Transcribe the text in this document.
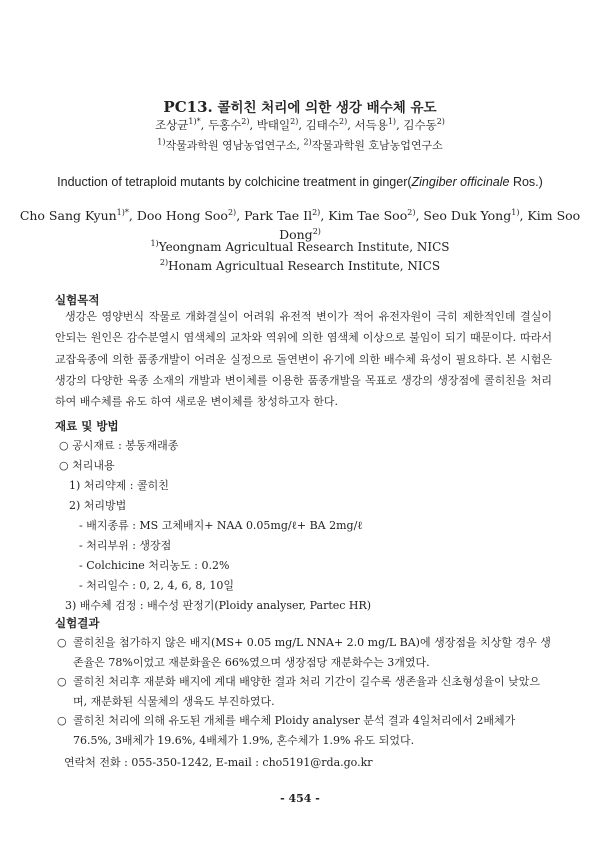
PC13. 콜히친 처리에 의한 생강 배수체 유도
조상균$^{1)*}$, 두홍수$^{2)}$, 박태일$^{2)}$, 김태수$^{2)}$, 서득용$^{1)}$, 김수동$^{2)}$
$^{1)}$작물과학원 영남농업연구소, $^{2)}$작물과학원 호남농업연구소
Induction of tetraploid mutants by colchicine treatment in ginger(Zingiber officinale Ros.)
Cho Sang Kyun$^{1)*}$, Doo Hong Soo$^{2)}$, Park Tae Il$^{2)}$, Kim Tae Soo$^{2)}$, Seo Duk Yong$^{1)}$, Kim Soo Dong$^{2)}$
$^{1)}$Yeongnam Agricultual Research Institute, NICS
$^{2)}$Honam Agricultual Research Institute, NICS
실험목적

생강은 영양번식 작물로 개화결실이 어려워 유전적 변이가 적어 유전자원이 극히 제한적인데 결실이 안되는 원인은 감수분열시 염색체의 교차와 역위에 의한 염색체 이상으로 불임이 되기 때문이다. 따라서 교잡육종에 의한 품종개발이 어려운 실정으로 돌연변이 유기에 의한 배수체 육성이 필요하다. 본 시험은 생강의 다양한 육종 소재의 개발과 변이체를 이용한 품종개발을 목표로 생강의 생장점에 콜히친을 처리하여 배수체를 유도 하여 새로운 변이체를 창성하고자 한다.

재료 및 방법
○ 공시재료 : 봉동재래종
○ 처리내용
1) 처리약제 : 콜히친
2) 처리방법
- 배지종류 : MS 고체배지+ NAA 0.05mg/ℓ+ BA 2mg/ℓ
- 처리부위 : 생장점
- Colchicine 처리농도 : 0.2%
- 처리일수 : 0, 2, 4, 6, 8, 10일
3) 배수체 검정 : 배수성 판정기(Ploidy analyser, Partec HR)
실험결과
○ 콜히친을 첨가하지 않은 배지(MS+ 0.05 mg/L NNA+ 2.0 mg/L BA)에 생장점을 치상할 경우 생존율은 78%이었고 재분화율은 66%였으며 생장점당 재분화수는 3개였다.
○ 콜히친 처리후 재분화 배지에 계대 배양한 결과 처리 기간이 길수록 생존율과 신초형성율이 낮았으며, 재분화된 식물체의 생육도 부진하였다.
○ 콜히친 처리에 의해 유도된 개체를 배수체 Ploidy analyser 분석 결과 4일처리에서 2배체가 76.5%, 3배체가 19.6%, 4배체가 1.9%, 혼수체가 1.9% 유도 되었다.
연락처 전화 : 055-350-1242, E-mail : cho5191@rda.go.kr
- 454 -
